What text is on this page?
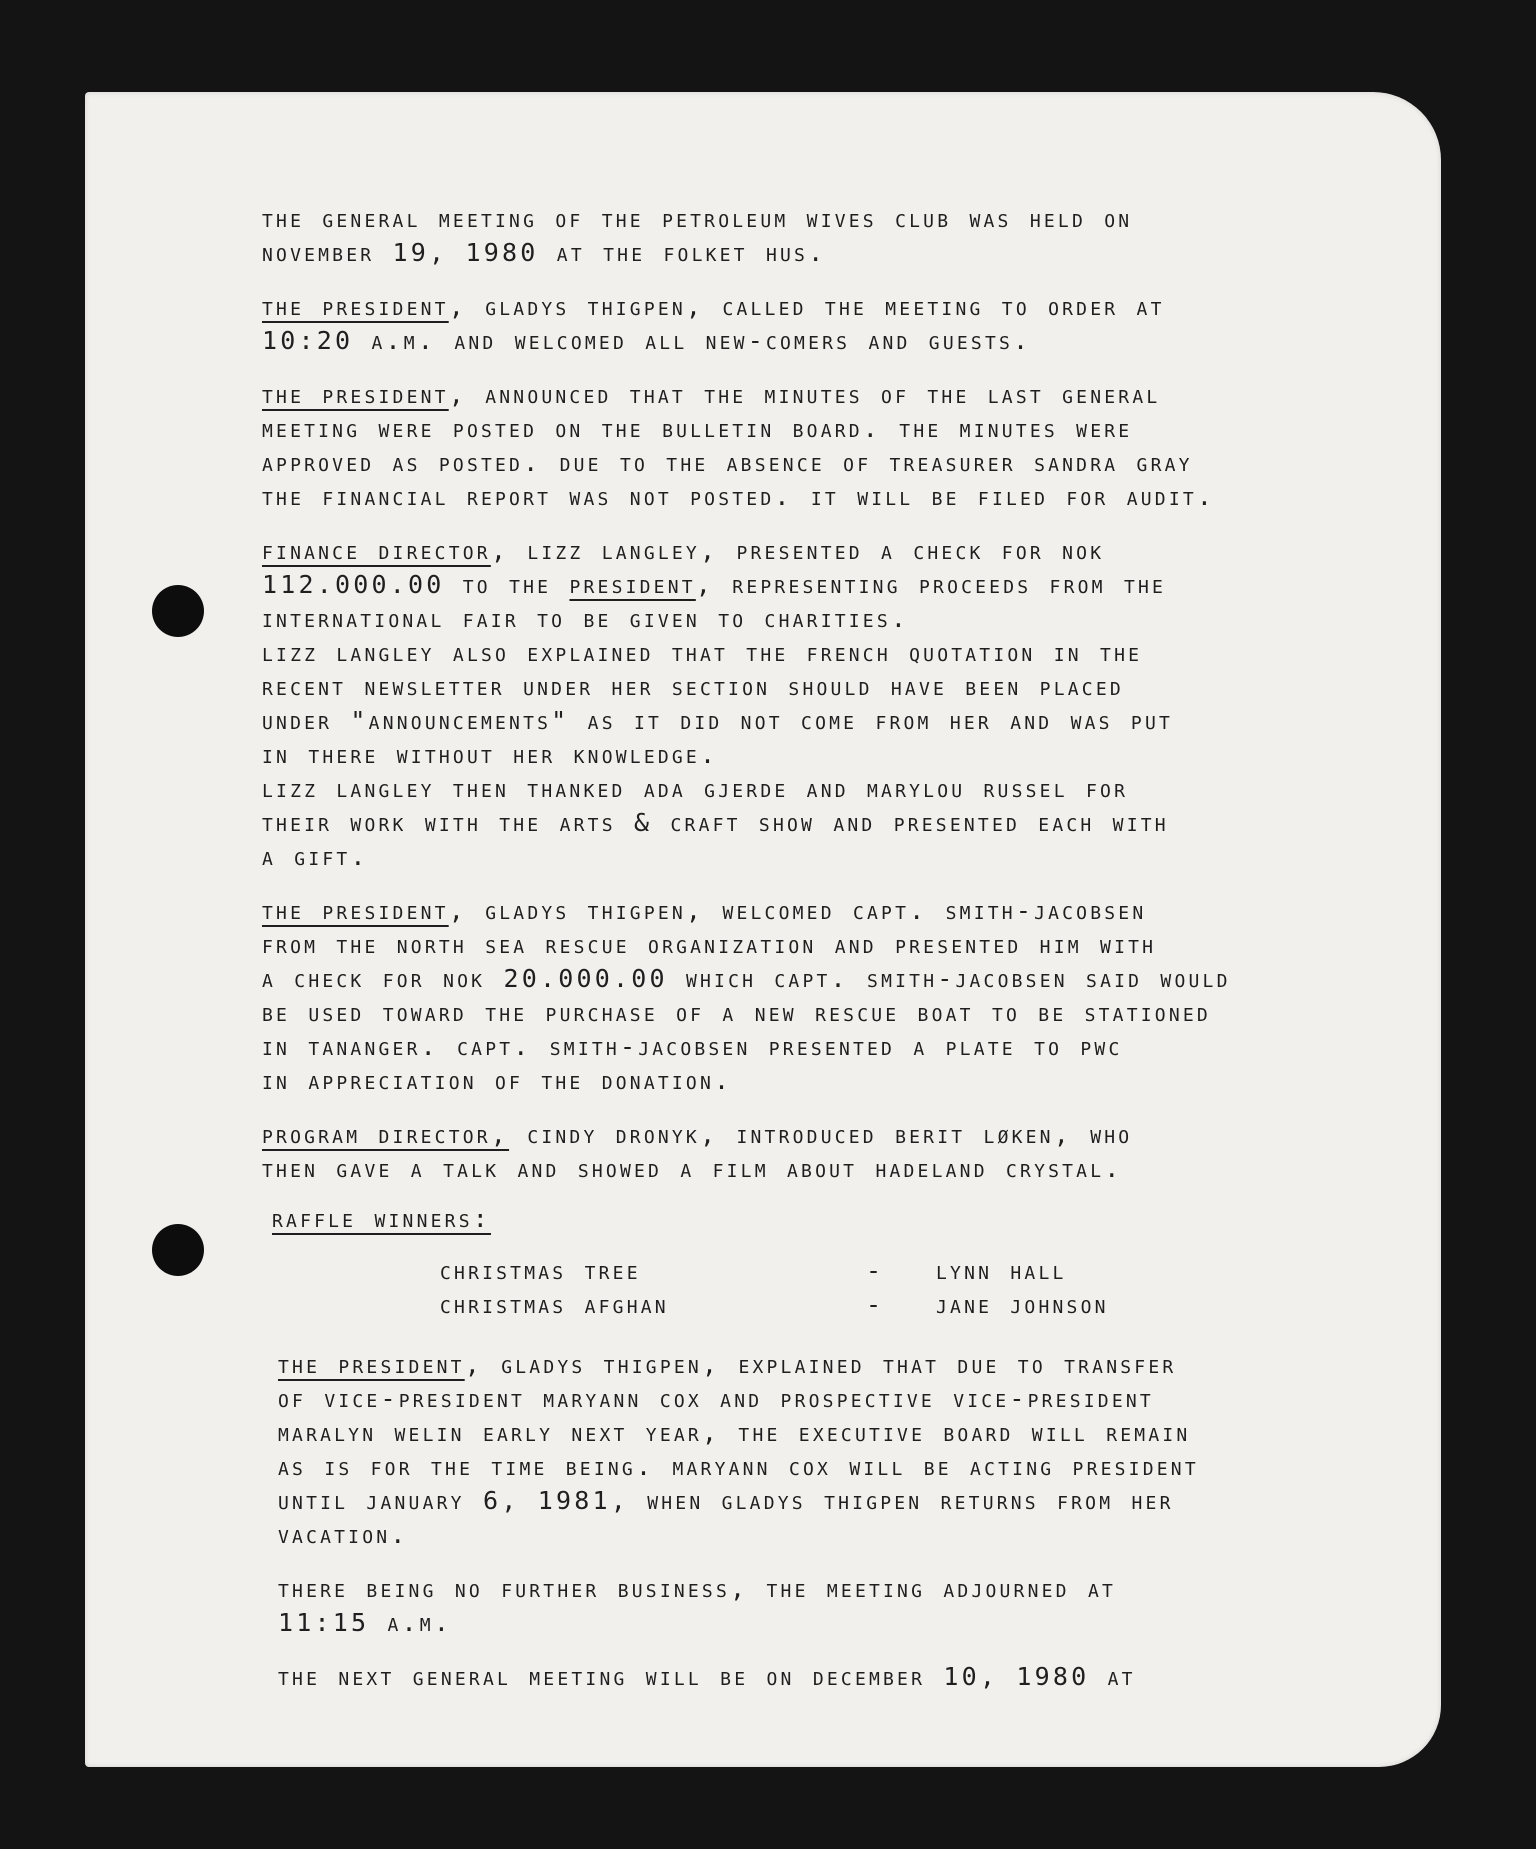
the general meeting of the petroleum wives club was held on
november 19, 1980 at the folket hus.
the president, gladys thigpen, called the meeting to order at
10:20 a.m. and welcomed all new-comers and guests.
the president, announced that the minutes of the last general
meeting were posted on the bulletin board. the minutes were
approved as posted. due to the absence of treasurer sandra gray
the financial report was not posted. it will be filed for audit.
finance director, lizz langley, presented a check for nok
112.000.00 to the president, representing proceeds from the
international fair to be given to charities.
lizz langley also explained that the french quotation in the
recent newsletter under her section should have been placed
under "announcements" as it did not come from her and was put
in there without her knowledge.
lizz langley then thanked ada gjerde and marylou russel for
their work with the arts & craft show and presented each with
a gift.
the president, gladys thigpen, welcomed capt. smith-jacobsen
from the north sea rescue organization and presented him with
a check for nok 20.000.00 which capt. smith-jacobsen said would
be used toward the purchase of a new rescue boat to be stationed
in tananger. capt. smith-jacobsen presented a plate to pwc
in appreciation of the donation.
program director, cindy dronyk, introduced berit løken, who
then gave a talk and showed a film about hadeland crystal.
raffle winners:
christmas tree	- lynn hall
christmas afghan	- jane johnson
the president, gladys thigpen, explained that due to transfer
of vice-president maryann cox and prospective vice-president
maralyn welin early next year, the executive board will remain
as is for the time being. maryann cox will be acting president
until january 6, 1981, when gladys thigpen returns from her
vacation.
there being no further business, the meeting adjourned at
11:15 a.m.
the next general meeting will be on december 10, 1980 at
